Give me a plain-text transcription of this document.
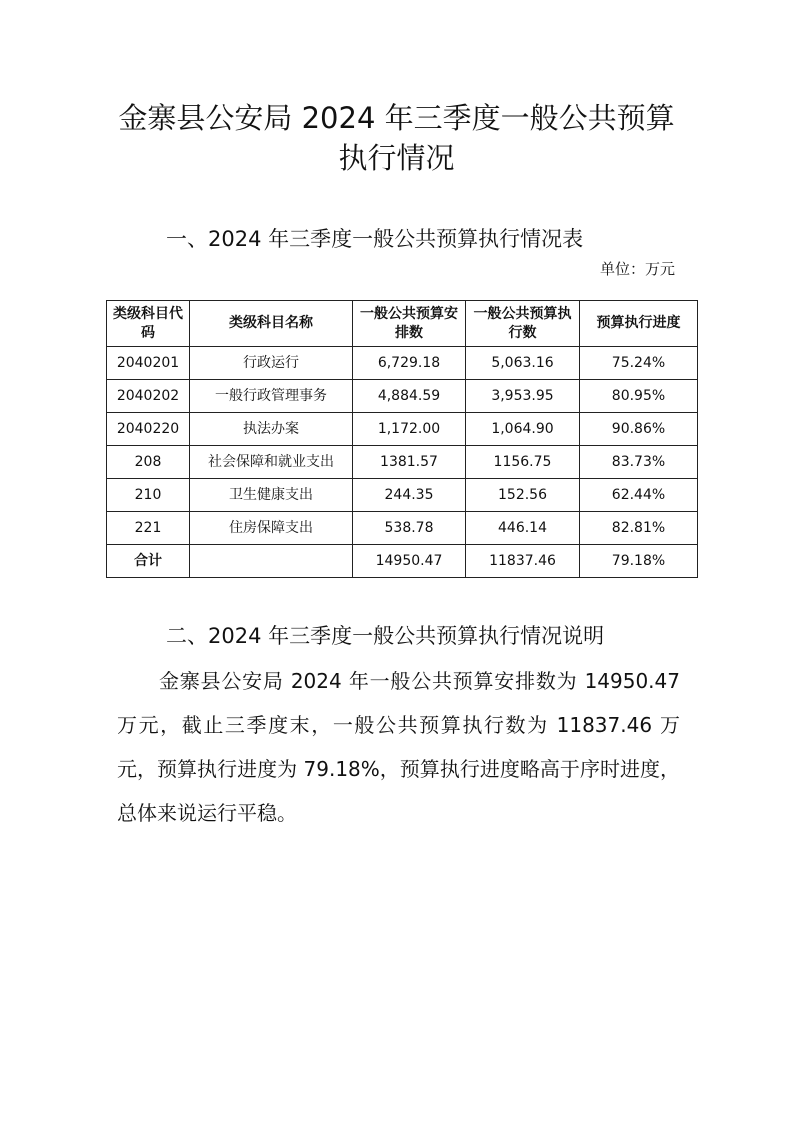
金寨县公安局 2024 年三季度一般公共预算
执行情况
一、2024 年三季度一般公共预算执行情况表
单位：万元
类级科目代码	类级科目名称	一般公共预算安排数	一般公共预算执行数	预算执行进度
2040201	行政运行	6,729.18	5,063.16	75.24%
2040202	一般行政管理事务	4,884.59	3,953.95	80.95%
2040220	执法办案	1,172.00	1,064.90	90.86%
208	社会保障和就业支出	1381.57	1156.75	83.73%
210	卫生健康支出	244.35	152.56	62.44%
221	住房保障支出	538.78	446.14	82.81%
合计		14950.47	11837.46	79.18%
二、2024 年三季度一般公共预算执行情况说明

金寨县公安局 2024 年一般公共预算安排数为 14950.47 万元，截止三季度末，一般公共预算执行数为 11837.46 万元，预算执行进度为 79.18%，预算执行进度略高于序时进度，总体来说运行平稳。
